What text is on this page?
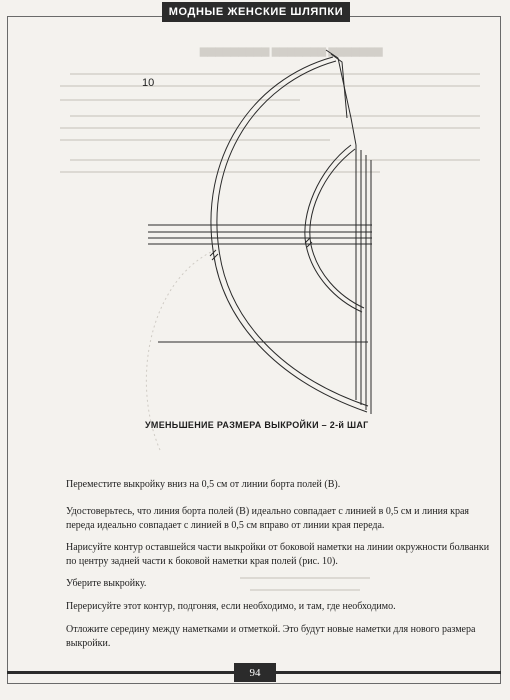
МОДНЫЕ ЖЕНСКИЕ ШЛЯПКИ
▆▆▆▆▆▆▆▆▆ ▆▆▆▆▆▆▆ ▆▆▆▆▆▆▆
10
УМЕНЬШЕНИЕ РАЗМЕРА ВЫКРОЙКИ – 2-й ШАГ

Переместите выкройку вниз на 0,5 см от линии борта полей (В).

Удостоверьтесь, что линия борта полей (В) идеально совпадает с линией в 0,5 см и линия края переда идеально совпадает с линией в 0,5 см вправо от линии края переда.

Нарисуйте контур оставшейся части выкройки от боковой наметки на линии окружности болванки по центру задней части к боковой наметки края полей (рис. 10).

Уберите выкройку.

Перерисуйте этот контур, подгоняя, если необходимо, и там, где необходимо.

Отложите середину между наметками и отметкой. Это будут новые наметки для нового размера выкройки.

94
